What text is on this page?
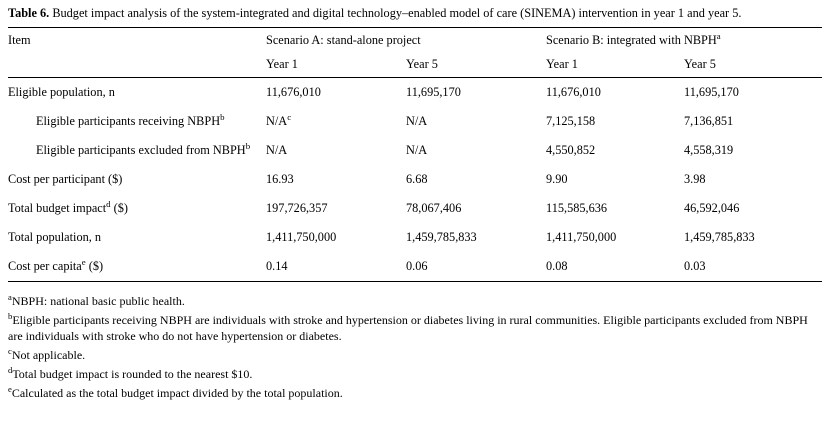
Table 6. Budget impact analysis of the system-integrated and digital technology–enabled model of care (SINEMA) intervention in year 1 and year 5.

Item	Scenario A: stand-alone project		Scenario B: integrated with NBPH$^a$
	Year 1	Year 5	Year 1	Year 5
Eligible population, n	11,676,010	11,695,170	11,676,010	11,695,170
Eligible participants receiving NBPH$^b$	$N/A^c$	N/A	7,125,158	7,136,851

Eligible participants excluded from NBPH$^b$	N/A	N/A	4,550,852	4,558,319
Cost per participant ($)	16.93	6.68	9.90	3.98
Total budget impact$^d$ ($)	197,726,357	78,067,406	115,585,636	46,592,046
Total population, n	1,411,750,000	1,459,785,833	1,411,750,000	1,459,785,833
Cost per capita$^e$ ($)	0.14	0.06	0.08	0.03

$^a$NBPH: national basic public health.

$^b$Eligible participants receiving NBPH are individuals with stroke and hypertension or diabetes living in rural communities. Eligible participants excluded from NBPH are individuals with stroke who do not have hypertension or diabetes.

$^c$Not applicable.

$^d$Total budget impact is rounded to the nearest $10.

$^e$Calculated as the total budget impact divided by the total population.
